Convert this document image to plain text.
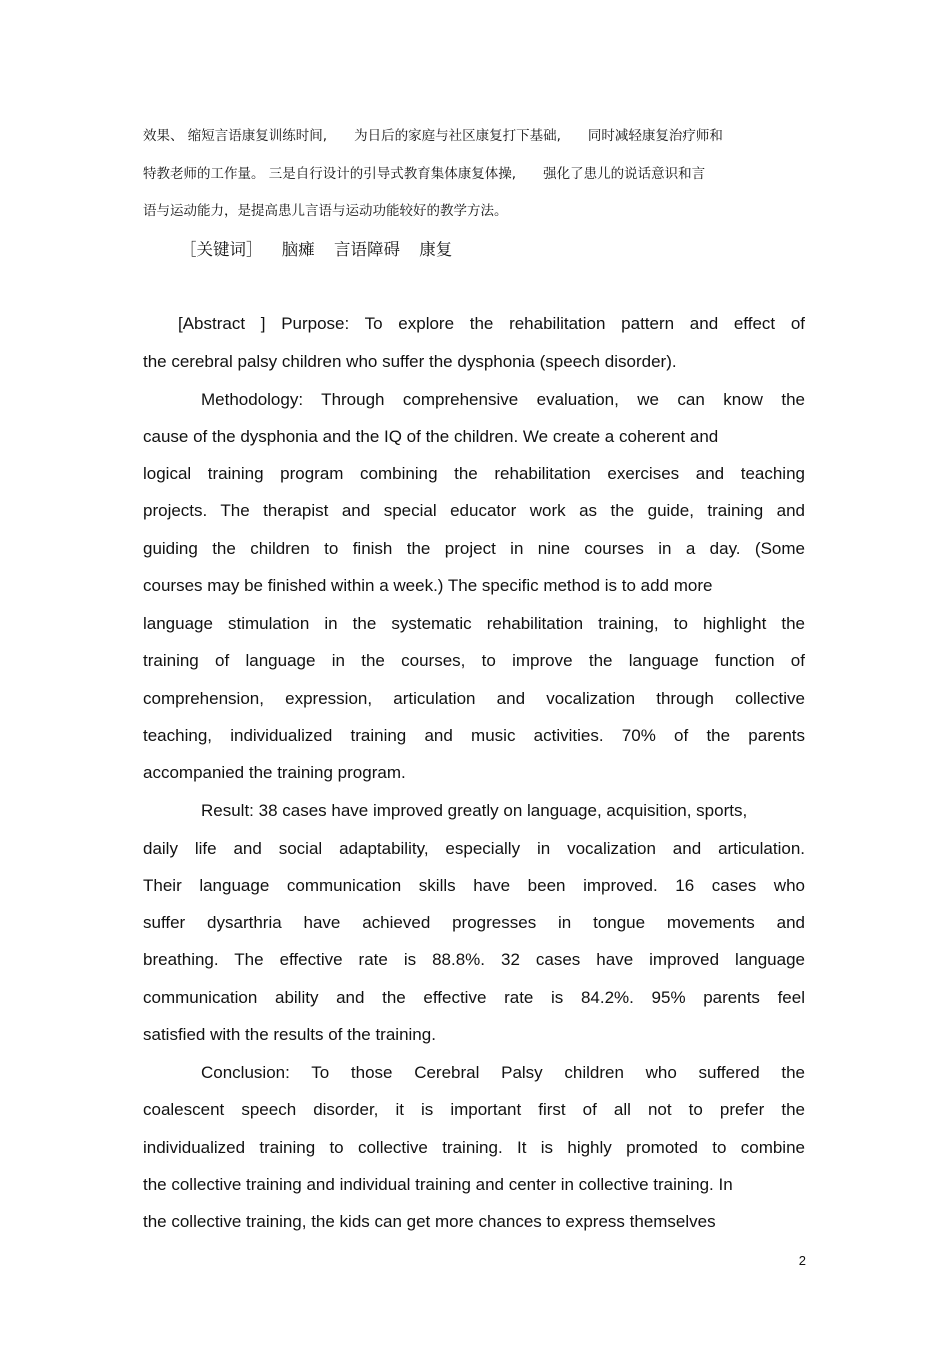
效果、 缩短言语康复训练时间,　　为日后的家庭与社区康复打下基础,　　同时减轻康复治疗师和
特教老师的工作量。 三是自行设计的引导式教育集体康复体操,　　强化了患儿的说话意识和言
语与运动能力，是提高患儿言语与运动功能较好的教学方法。
［关键词］ 脑瘫 言语障碍 康复
[Abstract ] Purpose: To explore the rehabilitation pattern and effect of
the cerebral palsy children who suffer the dysphonia (speech disorder).
Methodology: Through comprehensive evaluation, we can know the
cause of the dysphonia and the IQ of the children. We create a coherent and
logical training program combining the rehabilitation exercises and teaching
projects. The therapist and special educator work as the guide, training and
guiding the children to finish the project in nine courses in a day. (Some
courses may be finished within a week.) The specific method is to add more
language stimulation in the systematic rehabilitation training, to highlight the
training of language in the courses, to improve the language function of
comprehension, expression, articulation and vocalization through collective
teaching, individualized training and music activities. 70% of the parents
accompanied the training program.
Result: 38 cases have improved greatly on language, acquisition, sports,
daily life and social adaptability, especially in vocalization and articulation.
Their language communication skills have been improved. 16 cases who
suffer dysarthria have achieved progresses in tongue movements and
breathing. The effective rate is 88.8%. 32 cases have improved language
communication ability and the effective rate is 84.2%. 95% parents feel
satisfied with the results of the training.
Conclusion: To those Cerebral Palsy children who suffered the
coalescent speech disorder, it is important first of all not to prefer the
individualized training to collective training. It is highly promoted to combine
the collective training and individual training and center in collective training. In
the collective training, the kids can get more chances to express themselves
2
